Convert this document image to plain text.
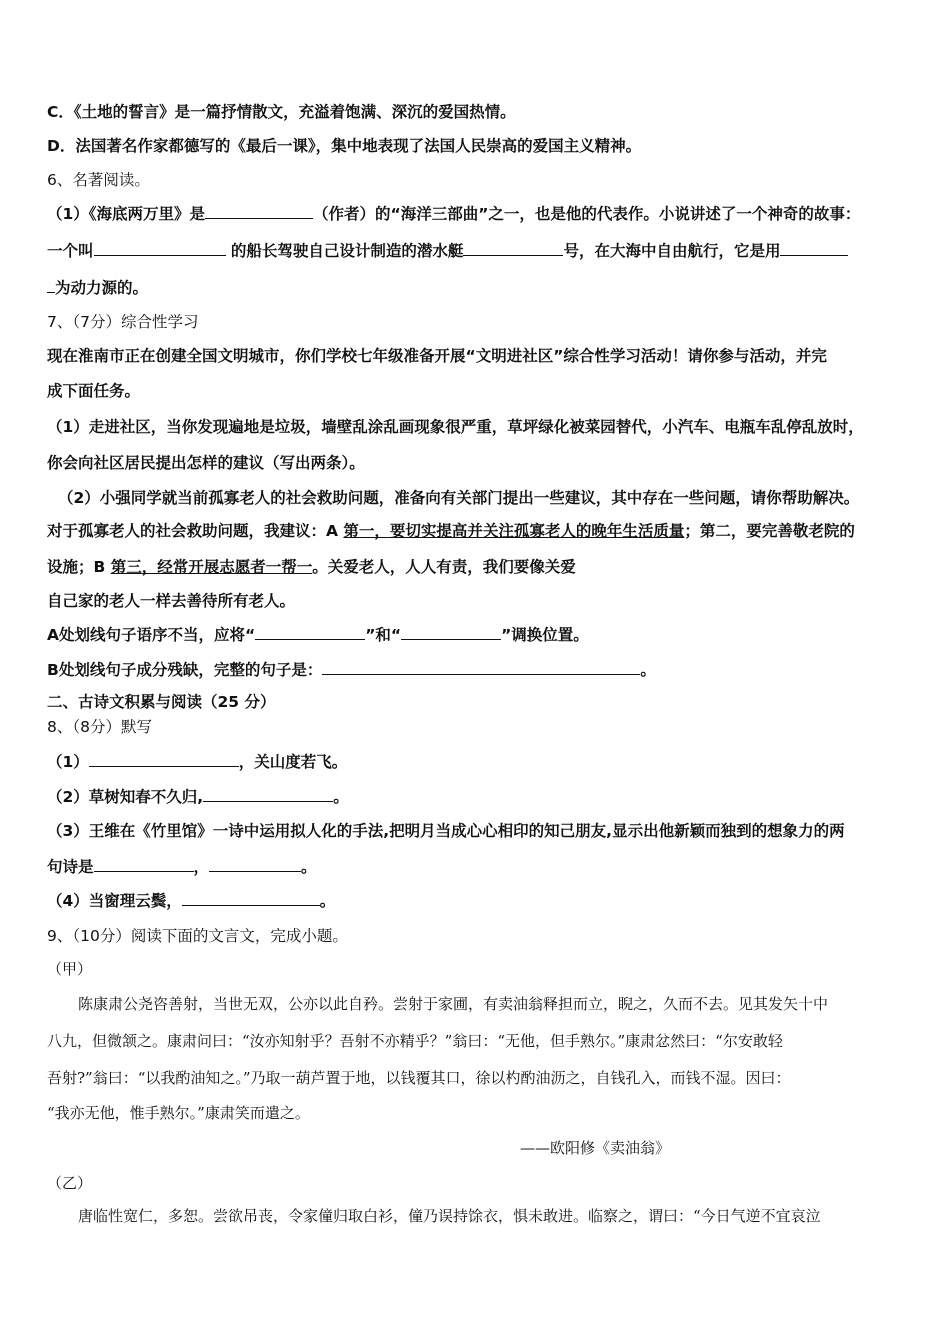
C．《土地的誓言》是一篇抒情散文，充溢着饱满、深沉的爱国热情。
D．法国著名作家都德写的《最后一课》，集中地表现了法国人民崇高的爱国主义精神。
6、名著阅读。
（1）《海底两万里》是	（作者）的“海洋三部曲”之一，也是他的代表作。小说讲述了一个神奇的故事：
一个叫	的船长驾驶自己设计制造的潜水艇	号，在大海中自由航行，它是用
为动力源的。
7、（7分）综合性学习
现在淮南市正在创建全国文明城市，你们学校七年级准备开展“文明进社区”综合性学习活动！请你参与活动，并完
成下面任务。
（1）走进社区，当你发现遍地是垃圾，墙壁乱涂乱画现象很严重，草坪绿化被菜园替代，小汽车、电瓶车乱停乱放时，
你会向社区居民提出怎样的建议（写出两条）。
（2）小强同学就当前孤寡老人的社会救助问题，准备向有关部门提出一些建议，其中存在一些问题，请你帮助解决。
对于孤寡老人的社会救助问题，我建议：A 第一，要切实提高并关注孤寡老人的晚年生活质量；第二，要完善敬老院的
设施；B 第三，经常开展志愿者一帮一。关爱老人，人人有责，我们要像关爱
自己家的老人一样去善待所有老人。
A处划线句子语序不当，应将“	”和“	”调换位置。
B处划线句子成分残缺，完整的句子是：	。
二、古诗文积累与阅读（25 分）
8、（8分）默写
（1）	，关山度若飞。
（2）草树知春不久归,	。
（3）王维在《竹里馆》一诗中运用拟人化的手法,把明月当成心心相印的知己朋友,显示出他新颖而独到的想象力的两
句诗是	，	。
（4）当窗理云鬓，	。
9、（10分）阅读下面的文言文，完成小题。
（甲）
陈康肃公尧咨善射，当世无双，公亦以此自矜。尝射于家圃，有卖油翁释担而立，睨之，久而不去。见其发矢十中
八九，但微颔之。康肃问曰：“汝亦知射乎？吾射不亦精乎？”翁曰：“无他，但手熟尔。”康肃忿然曰：“尔安敢轻
吾射?”翁曰：“以我酌油知之。”乃取一葫芦置于地，以钱覆其口，徐以杓酌油沥之，自钱孔入，而钱不湿。因曰：
“我亦无他，惟手熟尔。”康肃笑而遣之。
——欧阳修《卖油翁》
（乙）
唐临性宽仁，多恕。尝欲吊丧，令家僮归取白衫，僮乃误持馀衣，惧未敢进。临察之，谓曰：“今日气逆不宜哀泣
